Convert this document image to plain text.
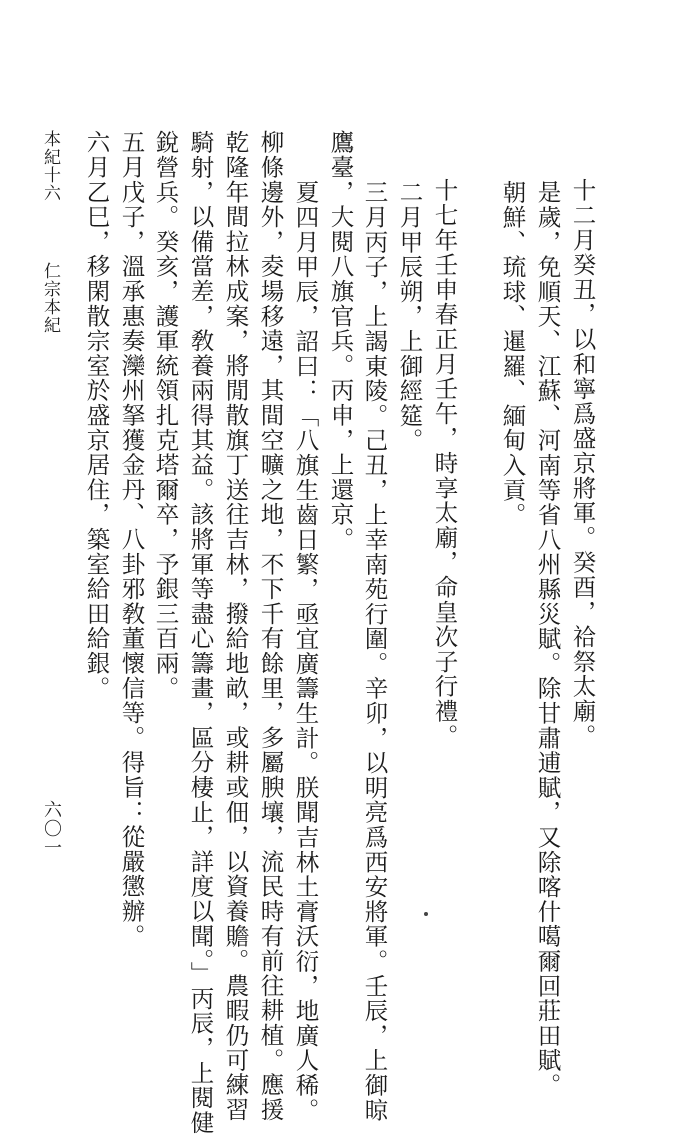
十二月癸丑，以和寧爲盛京將軍。癸酉，祫祭太廟。
是歲，免順天、江蘇、河南等省八州縣災賦。除甘肅逋賦，又除喀什噶爾回莊田賦。
朝鮮、琉球、暹羅、緬甸入貢。
十七年壬申春正月壬午，時享太廟，命皇次子行禮。
二月甲辰朔，上御經筵。
三月丙子，上謁東陵。己丑，上幸南苑行圍。辛卯，以明亮爲西安將軍。壬辰，上御晾
鷹臺，大閱八旗官兵。丙申，上還京。
夏四月甲辰，詔曰：「八旗生齒日繁，亟宜廣籌生計。朕聞吉林土膏沃衍，地廣人稀。
柳條邊外，夌場移遠，其間空曠之地，不下千有餘里，多屬腴壤，流民時有前往耕植。應援
乾隆年間拉林成案，將閒散旗丁送往吉林，撥給地畝，或耕或佃，以資養贍。農暇仍可練習
騎射，以備當差，敎養兩得其益。該將軍等盡心籌畫，區分棲止，詳度以聞。」丙辰，上閱健
銳營兵。癸亥，護軍統領扎克塔爾卒，予銀三百兩。
五月戊子，溫承惠奏灤州拏獲金丹、八卦邪敎董懷信等。得旨：從嚴懲辦。
六月乙巳，移閑散宗室於盛京居住，築室給田給銀。
本紀十六
仁宗本紀
六〇一
